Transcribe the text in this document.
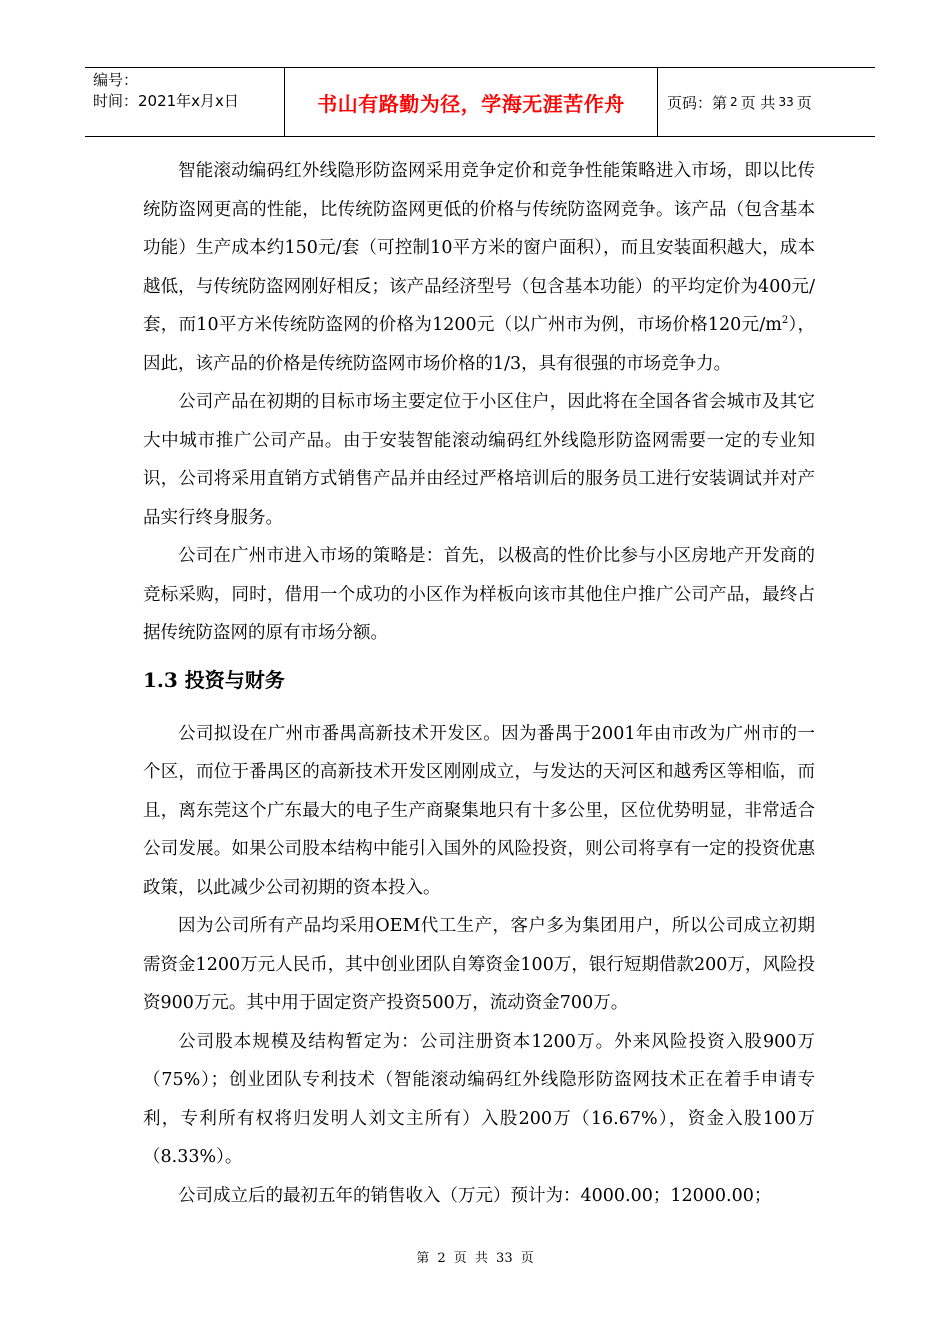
编号：
时间：2021年x月x日	书山有路勤为径，学海无涯苦作舟	页码：第 2 页 共 33 页

智能滚动编码红外线隐形防盗网采用竞争定价和竞争性能策略进入市场，即以比传统防盗网更高的性能，比传统防盗网更低的价格与传统防盗网竞争。该产品（包含基本功能）生产成本约150元/套（可控制10平方米的窗户面积），而且安装面积越大，成本越低，与传统防盗网刚好相反；该产品经济型号（包含基本功能）的平均定价为400元/套，而10平方米传统防盗网的价格为1200元（以广州市为例，市场价格120元$/m^2$），因此，该产品的价格是传统防盗网市场价格的1/3，具有很强的市场竞争力。

公司产品在初期的目标市场主要定位于小区住户，因此将在全国各省会城市及其它大中城市推广公司产品。由于安装智能滚动编码红外线隐形防盗网需要一定的专业知识，公司将采用直销方式销售产品并由经过严格培训后的服务员工进行安装调试并对产品实行终身服务。

公司在广州市进入市场的策略是：首先，以极高的性价比参与小区房地产开发商的竞标采购，同时，借用一个成功的小区作为样板向该市其他住户推广公司产品，最终占据传统防盗网的原有市场分额。

1.3 投资与财务

公司拟设在广州市番禺高新技术开发区。因为番禺于2001年由市改为广州市的一个区，而位于番禺区的高新技术开发区刚刚成立，与发达的天河区和越秀区等相临，而且，离东莞这个广东最大的电子生产商聚集地只有十多公里，区位优势明显，非常适合公司发展。如果公司股本结构中能引入国外的风险投资，则公司将享有一定的投资优惠政策，以此减少公司初期的资本投入。

因为公司所有产品均采用OEM代工生产，客户多为集团用户，所以公司成立初期需资金1200万元人民币，其中创业团队自筹资金100万，银行短期借款200万，风险投资900万元。其中用于固定资产投资500万，流动资金700万。

公司股本规模及结构暂定为：公司注册资本1200万。外来风险投资入股900万（75%）；创业团队专利技术（智能滚动编码红外线隐形防盗网技术正在着手申请专利，专利所有权将归发明人刘文主所有）入股200万（16.67%），资金入股100万（8.33%）。

公司成立后的最初五年的销售收入（万元）预计为：4000.00；12000.00；

第 2 页 共 33 页
